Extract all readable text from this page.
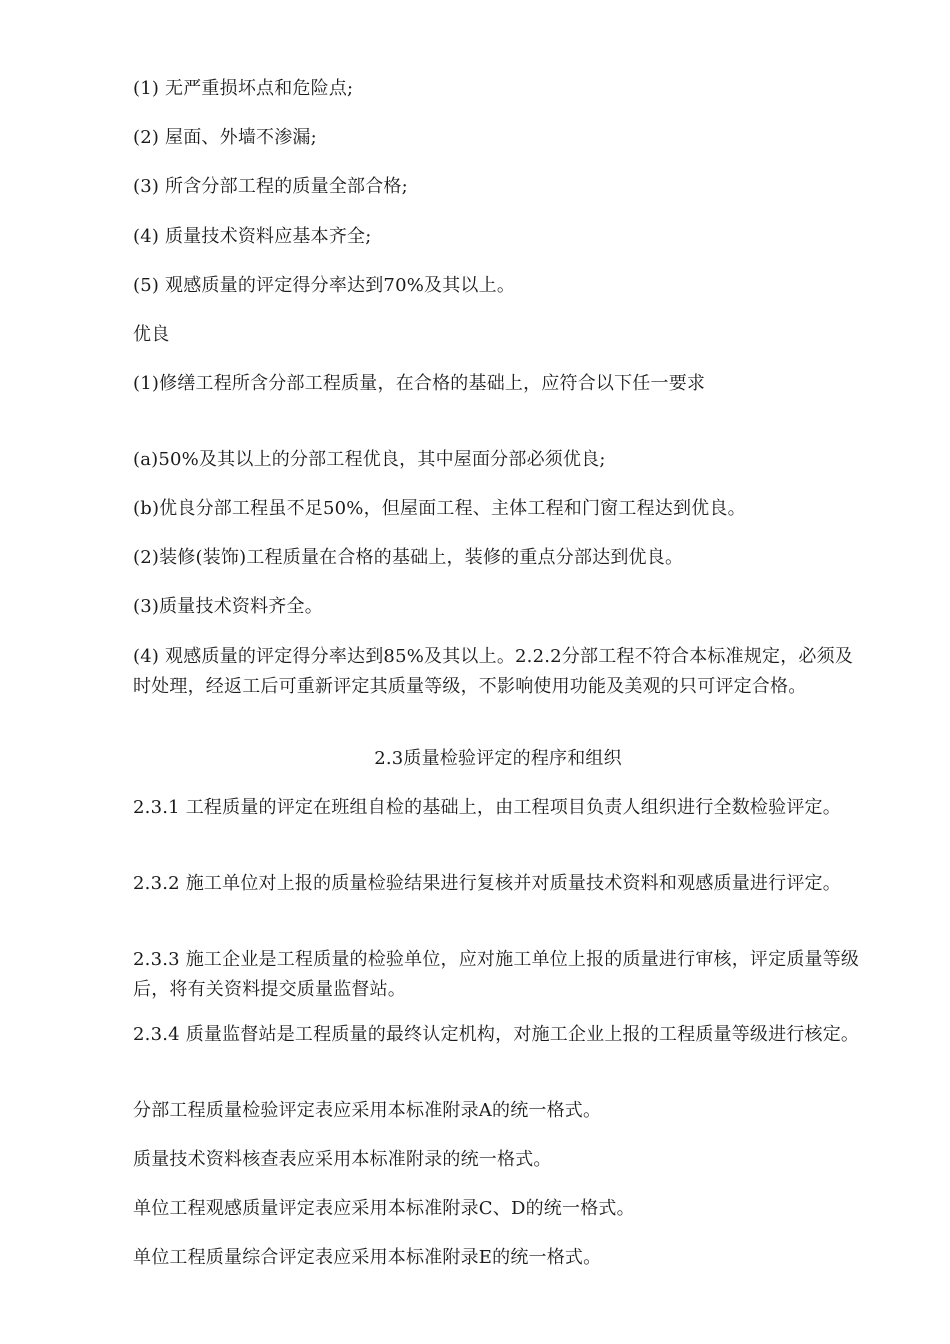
(1) 无严重损坏点和危险点;

(2) 屋面、外墙不渗漏;

(3) 所含分部工程的质量全部合格;

(4) 质量技术资料应基本齐全;

(5) 观感质量的评定得分率达到70%及其以上。

优良

(1)修缮工程所含分部工程质量，在合格的基础上，应符合以下任一要求

(a)50%及其以上的分部工程优良，其中屋面分部必须优良;

(b)优良分部工程虽不足50%，但屋面工程、主体工程和门窗工程达到优良。

(2)装修(装饰)工程质量在合格的基础上，装修的重点分部达到优良。

(3)质量技术资料齐全。

(4) 观感质量的评定得分率达到85%及其以上。2.2.2分部工程不符合本标准规定，必须及时处理，经返工后可重新评定其质量等级，不影响使用功能及美观的只可评定合格。

2.3质量检验评定的程序和组织

2.3.1 工程质量的评定在班组自检的基础上，由工程项目负责人组织进行全数检验评定。

2.3.2 施工单位对上报的质量检验结果进行复核并对质量技术资料和观感质量进行评定。

2.3.3 施工企业是工程质量的检验单位，应对施工单位上报的质量进行审核，评定质量等级后，将有关资料提交质量监督站。

2.3.4 质量监督站是工程质量的最终认定机构，对施工企业上报的工程质量等级进行核定。

分部工程质量检验评定表应采用本标准附录A的统一格式。

质量技术资料核查表应采用本标准附录的统一格式。

单位工程观感质量评定表应采用本标准附录C、D的统一格式。

单位工程质量综合评定表应采用本标准附录E的统一格式。
